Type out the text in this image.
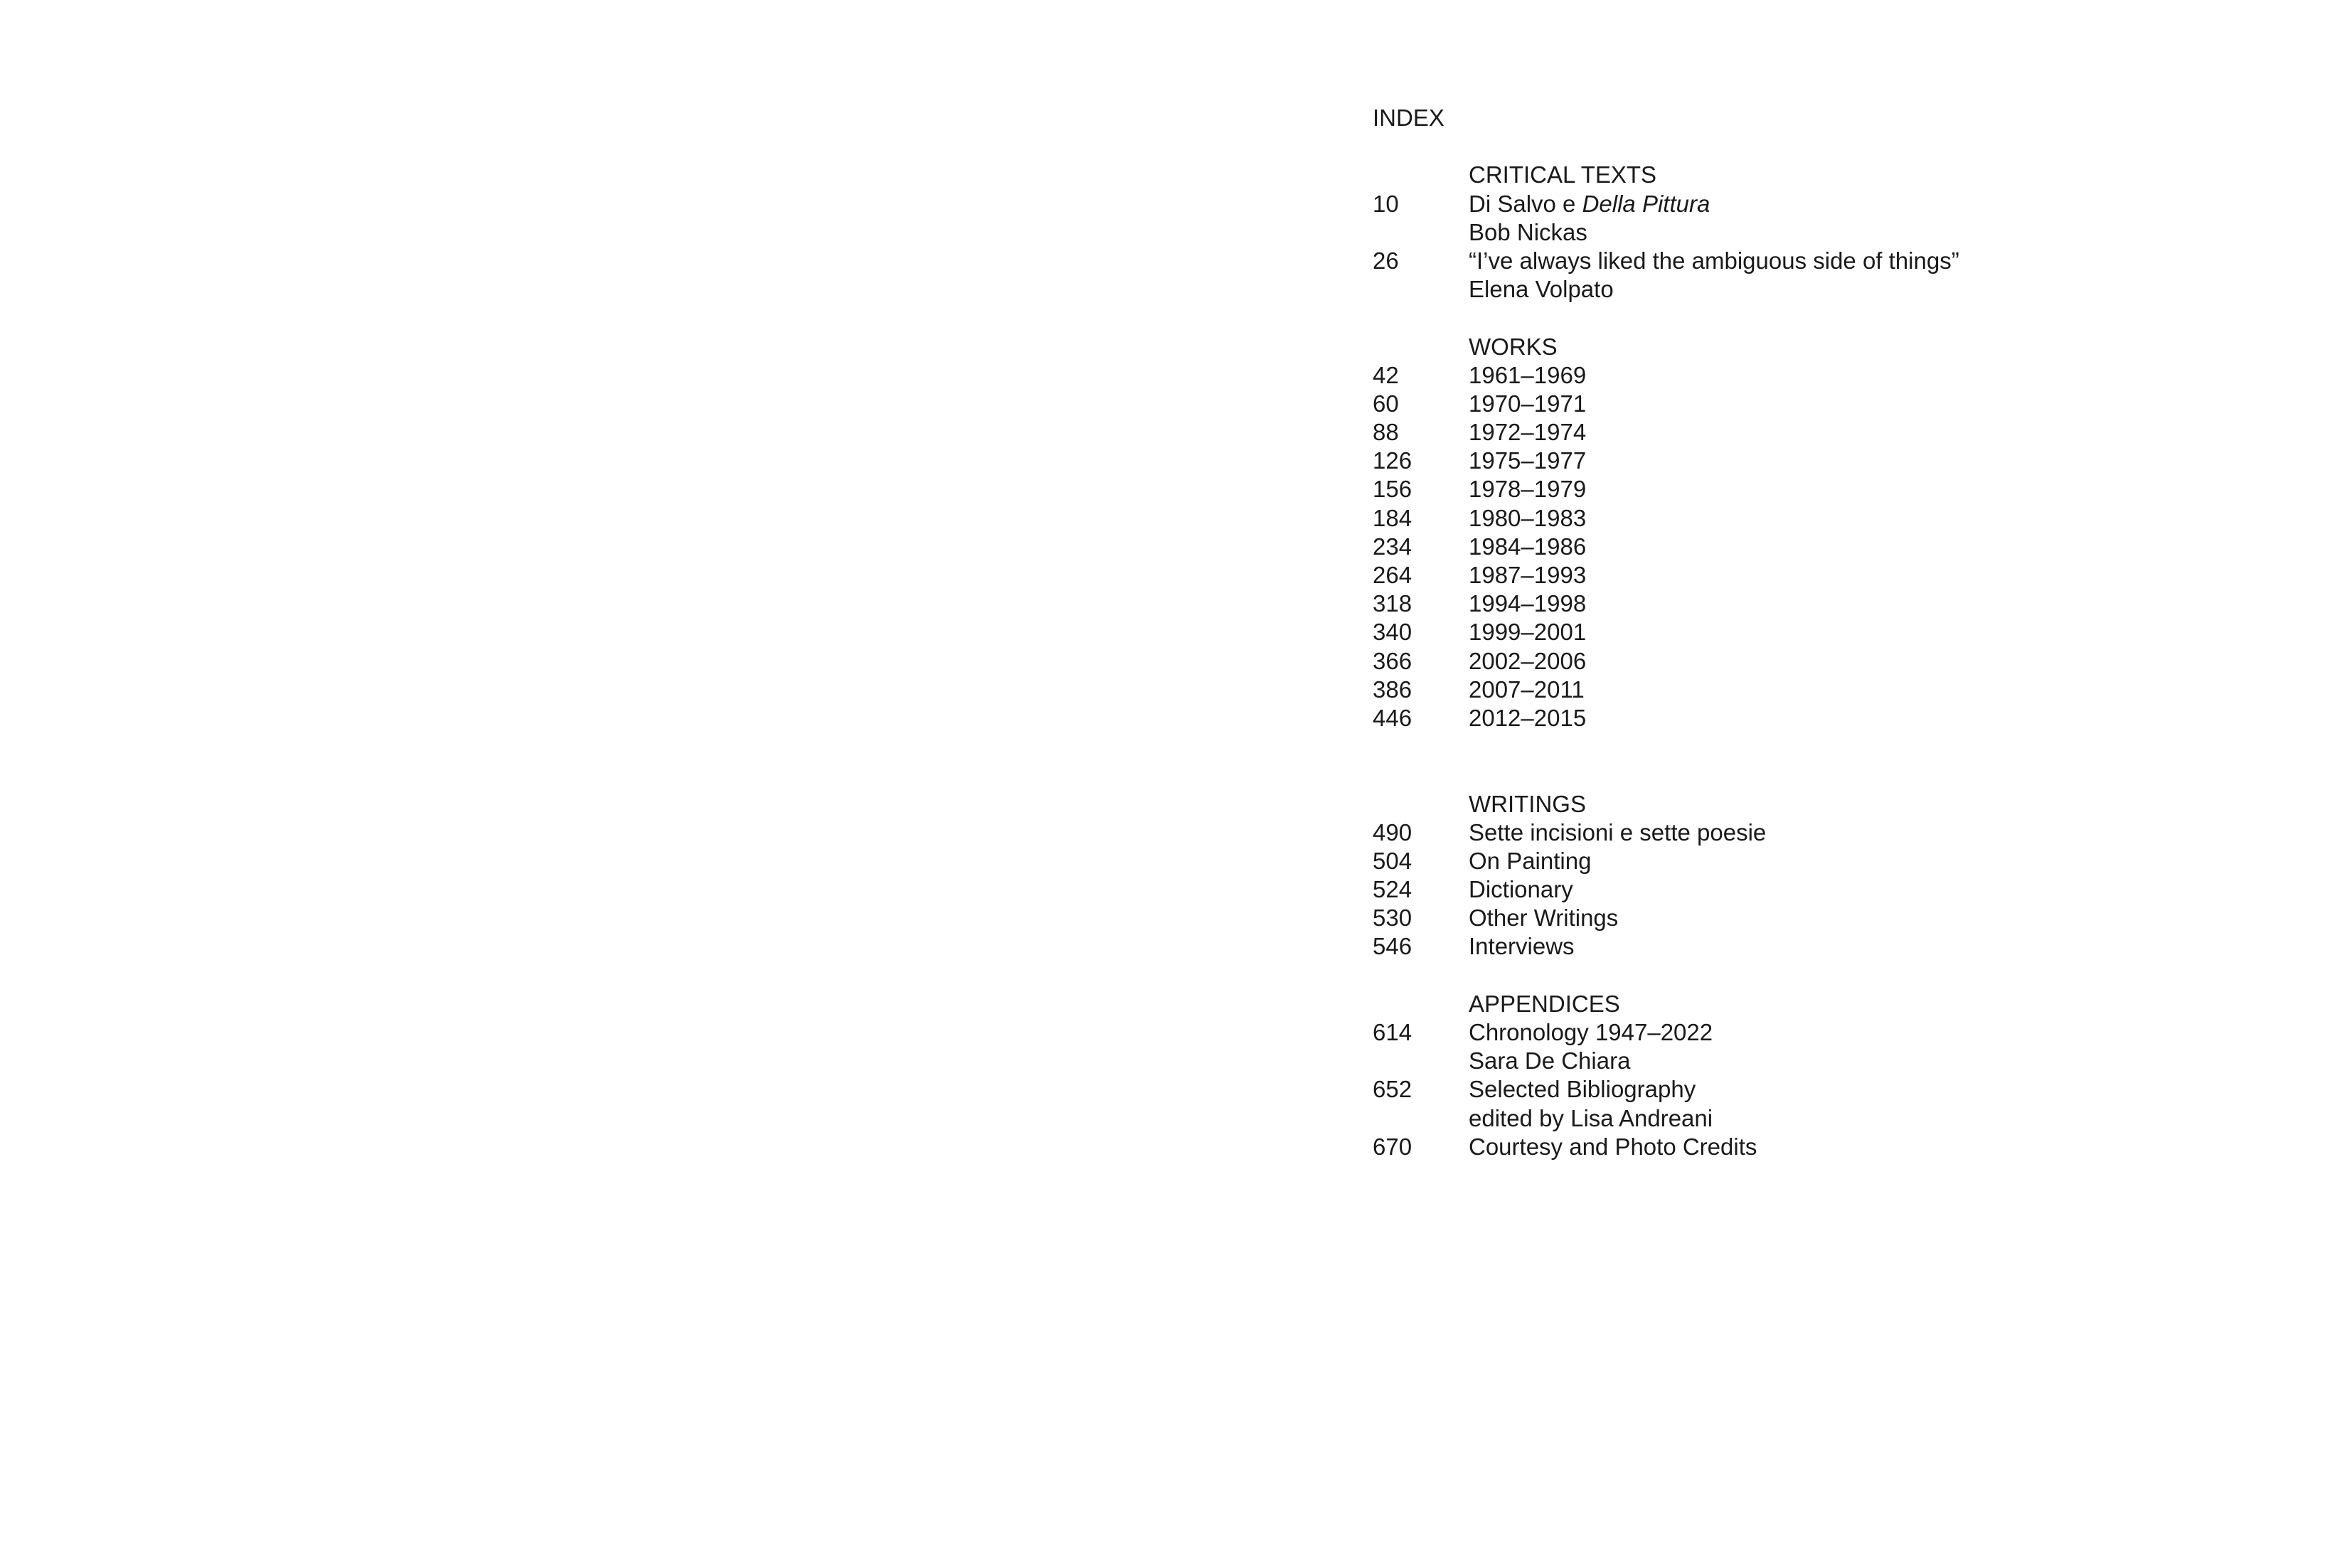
INDEX
CRITICAL TEXTS
10	Di Salvo e Della Pittura
Bob Nickas
26	“I’ve always liked the ambiguous side of things”
Elena Volpato
WORKS
42	1961–1969
60	1970–1971
88	1972–1974
126	1975–1977
156	1978–1979
184	1980–1983
234	1984–1986
264	1987–1993
318	1994–1998
340	1999–2001
366	2002–2006
386	2007–2011
446	2012–2015
WRITINGS
490	Sette incisioni e sette poesie
504	On Painting
524	Dictionary
530	Other Writings
546	Interviews
APPENDICES
614	Chronology 1947–2022
Sara De Chiara
652	Selected Bibliography
edited by Lisa Andreani
670	Courtesy and Photo Credits
